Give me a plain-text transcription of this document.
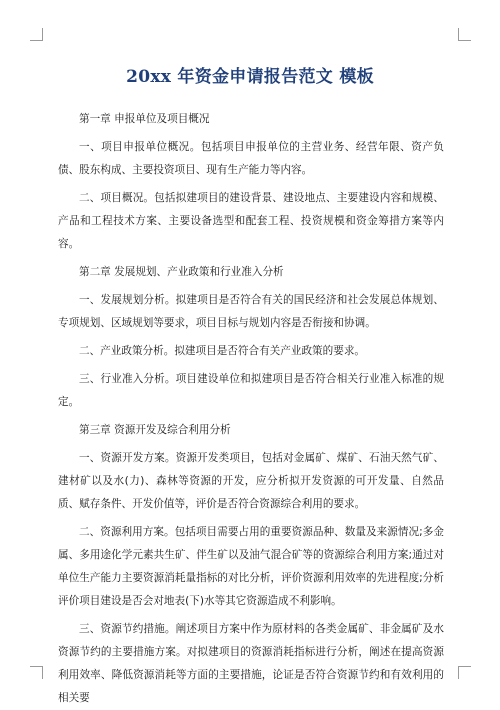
20xx 年资金申请报告范文 模板

第一章 申报单位及项目概况

一、项目申报单位概况。包括项目申报单位的主营业务、经营年限、资产负债、股东构成、主要投资项目、现有生产能力等内容。

二、项目概况。包括拟建项目的建设背景、建设地点、主要建设内容和规模、产品和工程技术方案、主要设备选型和配套工程、投资规模和资金筹措方案等内容。

第二章 发展规划、产业政策和行业准入分析

一、发展规划分析。拟建项目是否符合有关的国民经济和社会发展总体规划、专项规划、区域规划等要求，项目目标与规划内容是否衔接和协调。

二、产业政策分析。拟建项目是否符合有关产业政策的要求。

三、行业准入分析。项目建设单位和拟建项目是否符合相关行业准入标准的规定。

第三章 资源开发及综合利用分析

一、资源开发方案。资源开发类项目，包括对金属矿、煤矿、石油天然气矿、建材矿以及水(力)、森林等资源的开发，应分析拟开发资源的可开发量、自然品质、赋存条件、开发价值等，评价是否符合资源综合利用的要求。

二、资源利用方案。包括项目需要占用的重要资源品种、数量及来源情况;多金属、多用途化学元素共生矿、伴生矿以及油气混合矿等的资源综合利用方案;通过对单位生产能力主要资源消耗量指标的对比分析，评价资源利用效率的先进程度;分析评价项目建设是否会对地表(下)水等其它资源造成不利影响。

三、资源节约措施。阐述项目方案中作为原材料的各类金属矿、非金属矿及水资源节约的主要措施方案。对拟建项目的资源消耗指标进行分析，阐述在提高资源利用效率、降低资源消耗等方面的主要措施，论证是否符合资源节约和有效利用的相关要
